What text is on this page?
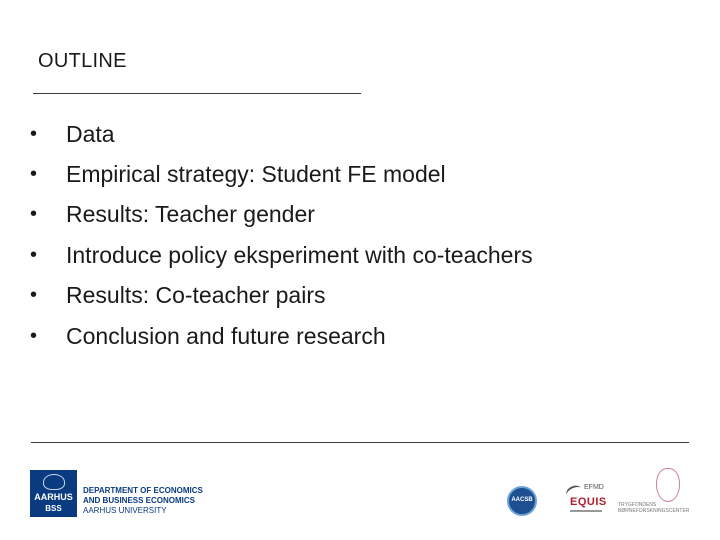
OUTLINE
•	Data
•	Empirical strategy: Student FE model
•	Results: Teacher gender
•	Introduce policy eksperiment with co-teachers
•	Results: Co-teacher pairs
•	Conclusion and future research
AARHUS
BSS
DEPARTMENT OF ECONOMICS
AND BUSINESS ECONOMICS
AARHUS UNIVERSITY
AACSB
EFMD
EQUIS TRYGFONDENS
BØRNEFORSKNINGSCENTER
